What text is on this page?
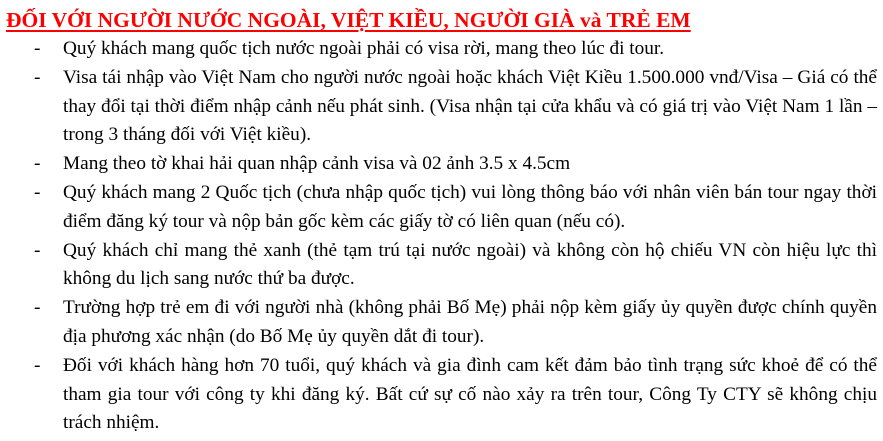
ĐỐI VỚI NGƯỜI NƯỚC NGOÀI, VIỆT KIỀU, NGƯỜI GIÀ và TRẺ EM
- Quý khách mang quốc tịch nước ngoài phải có visa rời, mang theo lúc đi tour.
- Visa tái nhập vào Việt Nam cho người nước ngoài hoặc khách Việt Kiều 1.500.000 vnđ/Visa – Giá có thể thay đổi tại thời điểm nhập cảnh nếu phát sinh. (Visa nhận tại cửa khẩu và có giá trị vào Việt Nam 1 lần – trong 3 tháng đối với Việt kiều).
- Mang theo tờ khai hải quan nhập cảnh visa và 02 ảnh 3.5 x 4.5cm
- Quý khách mang 2 Quốc tịch (chưa nhập quốc tịch) vui lòng thông báo với nhân viên bán tour ngay thời điểm đăng ký tour và nộp bản gốc kèm các giấy tờ có liên quan (nếu có).
- Quý khách chỉ mang thẻ xanh (thẻ tạm trú tại nước ngoài) và không còn hộ chiếu VN còn hiệu lực thì không du lịch sang nước thứ ba được.
- Trường hợp trẻ em đi với người nhà (không phải Bố Mẹ) phải nộp kèm giấy ủy quyền được chính quyền địa phương xác nhận (do Bố Mẹ ủy quyền dắt đi tour).
- Đối với khách hàng hơn 70 tuổi, quý khách và gia đình cam kết đảm bảo tình trạng sức khoẻ để có thể tham gia tour với công ty khi đăng ký. Bất cứ sự cố nào xảy ra trên tour, Công Ty CTY sẽ không chịu trách nhiệm.
